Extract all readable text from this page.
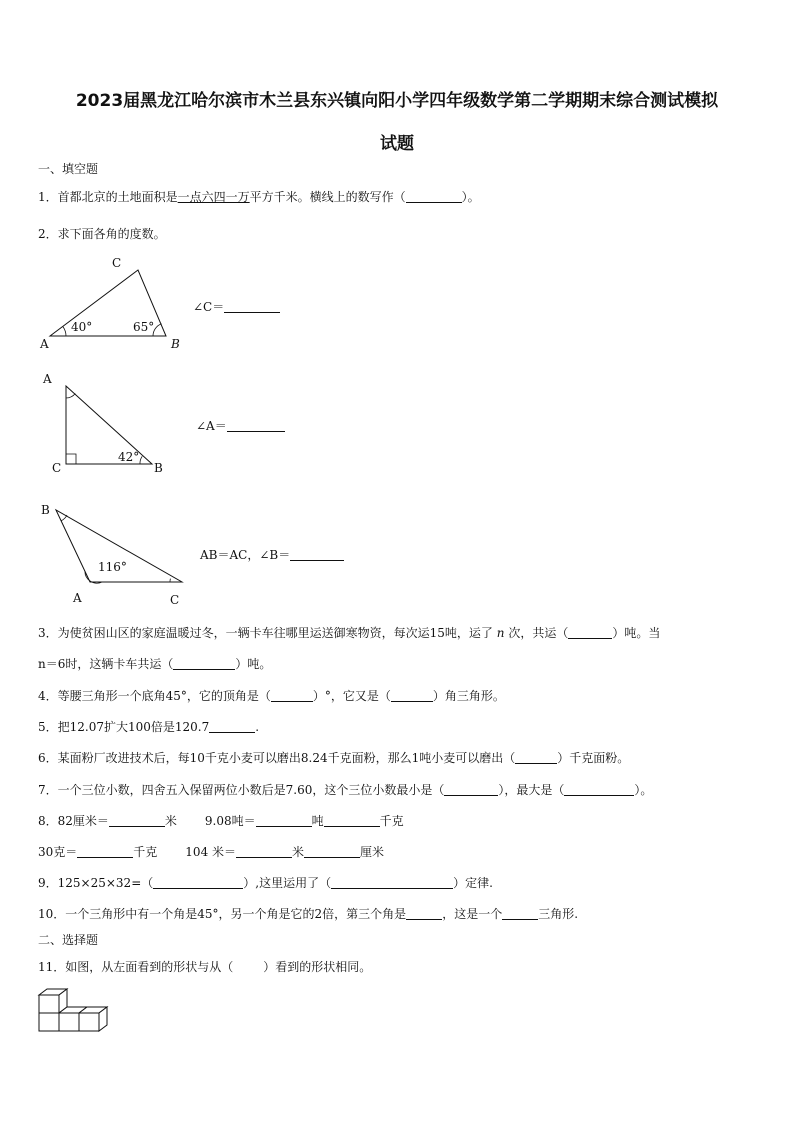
2023届黑龙江哈尔滨市木兰县东兴镇向阳小学四年级数学第二学期期末综合测试模拟
试题
一、填空题
1．首都北京的土地面积是一点六四一万平方千米。横线上的数写作（	）。
2．求下面各角的度数。
C
A	B
40°	65°
∠C＝
A
C	B
42°
∠A＝
B
A	C
116°
AB＝AC，∠B＝
3．为使贫困山区的家庭温暖过冬，一辆卡车往哪里运送御寒物资，每次运15吨，运了 n 次，共运（	）吨。当
n＝6时，这辆卡车共运（	）吨。
4．等腰三角形一个底角45°，它的顶角是（	）°，它又是（	）角三角形。
5．把12.07扩大100倍是120.7	.
6．某面粉厂改进技术后，每10千克小麦可以磨出8.24千克面粉，那么1吨小麦可以磨出（	）千克面粉。
7．一个三位小数，四舍五入保留两位小数后是7.60，这个三位小数最小是（	），最大是（	）。
8．82厘米＝	米 9.08吨＝	吨	千克
30克＝	千克 104 米＝	米	厘米
9．125×25×32=（	）,这里运用了（	）定律.
10．一个三角形中有一个角是45°，另一个角是它的2倍，第三个角是	，这是一个	三角形.
二、选择题
11．如图，从左面看到的形状与从（	）看到的形状相同。
